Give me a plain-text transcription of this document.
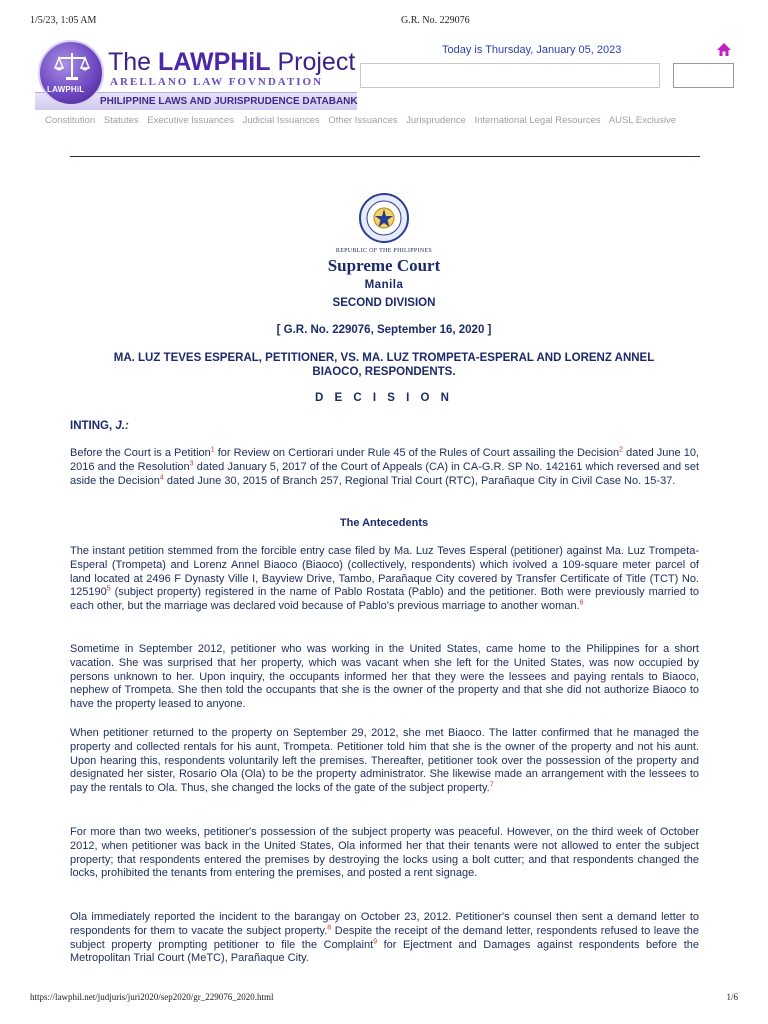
1/5/23, 1:05 AM	G.R. No. 229076
PHILIPPINE LAWS AND JURISPRUDENCE DATABANK
LAWPHiL
The LAWPHiL Project
ARELLANO LAW FOVNDATION
Today is Thursday, January 05, 2023
Constitution Statutes Executive Issuances Judicial Issuances Other Issuances Jurisprudence International Legal Resources AUSL Exclusive
REPUBLIC OF THE PHILIPPINES
Supreme Court
Manila
SECOND DIVISION
[ G.R. No. 229076, September 16, 2020 ]
MA. LUZ TEVES ESPERAL, PETITIONER, VS. MA. LUZ TROMPETA-ESPERAL AND LORENZ ANNEL BIAOCO, RESPONDENTS.
D E C I S I O N
INTING, J.:
Before the Court is a Petition$^1$ for Review on Certiorari under Rule 45 of the Rules of Court assailing the Decision$^2$ dated June 10, 2016 and the Resolution$^3$ dated January 5, 2017 of the Court of Appeals (CA) in CA-G.R. SP No. 142161 which reversed and set aside the Decision$^4$ dated June 30, 2015 of Branch 257, Regional Trial Court (RTC), Parañaque City in Civil Case No. 15-37.
The Antecedents
The instant petition stemmed from the forcible entry case filed by Ma. Luz Teves Esperal (petitioner) against Ma. Luz Trompeta-Esperal (Trompeta) and Lorenz Annel Biaoco (Biaoco) (collectively, respondents) which ivolved a 109-square meter parcel of land located at 2496 F Dynasty Ville I, Bayview Drive, Tambo, Parañaque City covered by Transfer Certificate of Title (TCT) No. 125190$^5$ (subject property) registered in the name of Pablo Rostata (Pablo) and the petitioner. Both were previously married to each other, but the marriage was declared void because of Pablo's previous marriage to another woman.$^6$
Sometime in September 2012, petitioner who was working in the United States, came home to the Philippines for a short vacation. She was surprised that her property, which was vacant when she left for the United States, was now occupied by persons unknown to her. Upon inquiry, the occupants informed her that they were the lessees and paying rentals to Biaoco, nephew of Trompeta. She then told the occupants that she is the owner of the property and that she did not authorize Biaoco to have the property leased to anyone.
When petitioner returned to the property on September 29, 2012, she met Biaoco. The latter confirmed that he managed the property and collected rentals for his aunt, Trompeta. Petitioner told him that she is the owner of the property and not his aunt. Upon hearing this, respondents voluntarily left the premises. Thereafter, petitioner took over the possession of the property and designated her sister, Rosario Ola (Ola) to be the property administrator. She likewise made an arrangement with the lessees to pay the rentals to Ola. Thus, she changed the locks of the gate of the subject property.$^7$
For more than two weeks, petitioner's possession of the subject property was peaceful. However, on the third week of October 2012, when petitioner was back in the United States, Ola informed her that their tenants were not allowed to enter the subject property; that respondents entered the premises by destroying the locks using a bolt cutter; and that respondents changed the locks, prohibited the tenants from entering the premises, and posted a rent signage.
Ola immediately reported the incident to the barangay on October 23, 2012. Petitioner's counsel then sent a demand letter to respondents for them to vacate the subject property.$^8$ Despite the receipt of the demand letter, respondents refused to leave the subject property prompting petitioner to file the Complaint$^9$ for Ejectment and Damages against respondents before the Metropolitan Trial Court (MeTC), Parañaque City.
https://lawphil.net/judjuris/juri2020/sep2020/gr_229076_2020.html	1/6
